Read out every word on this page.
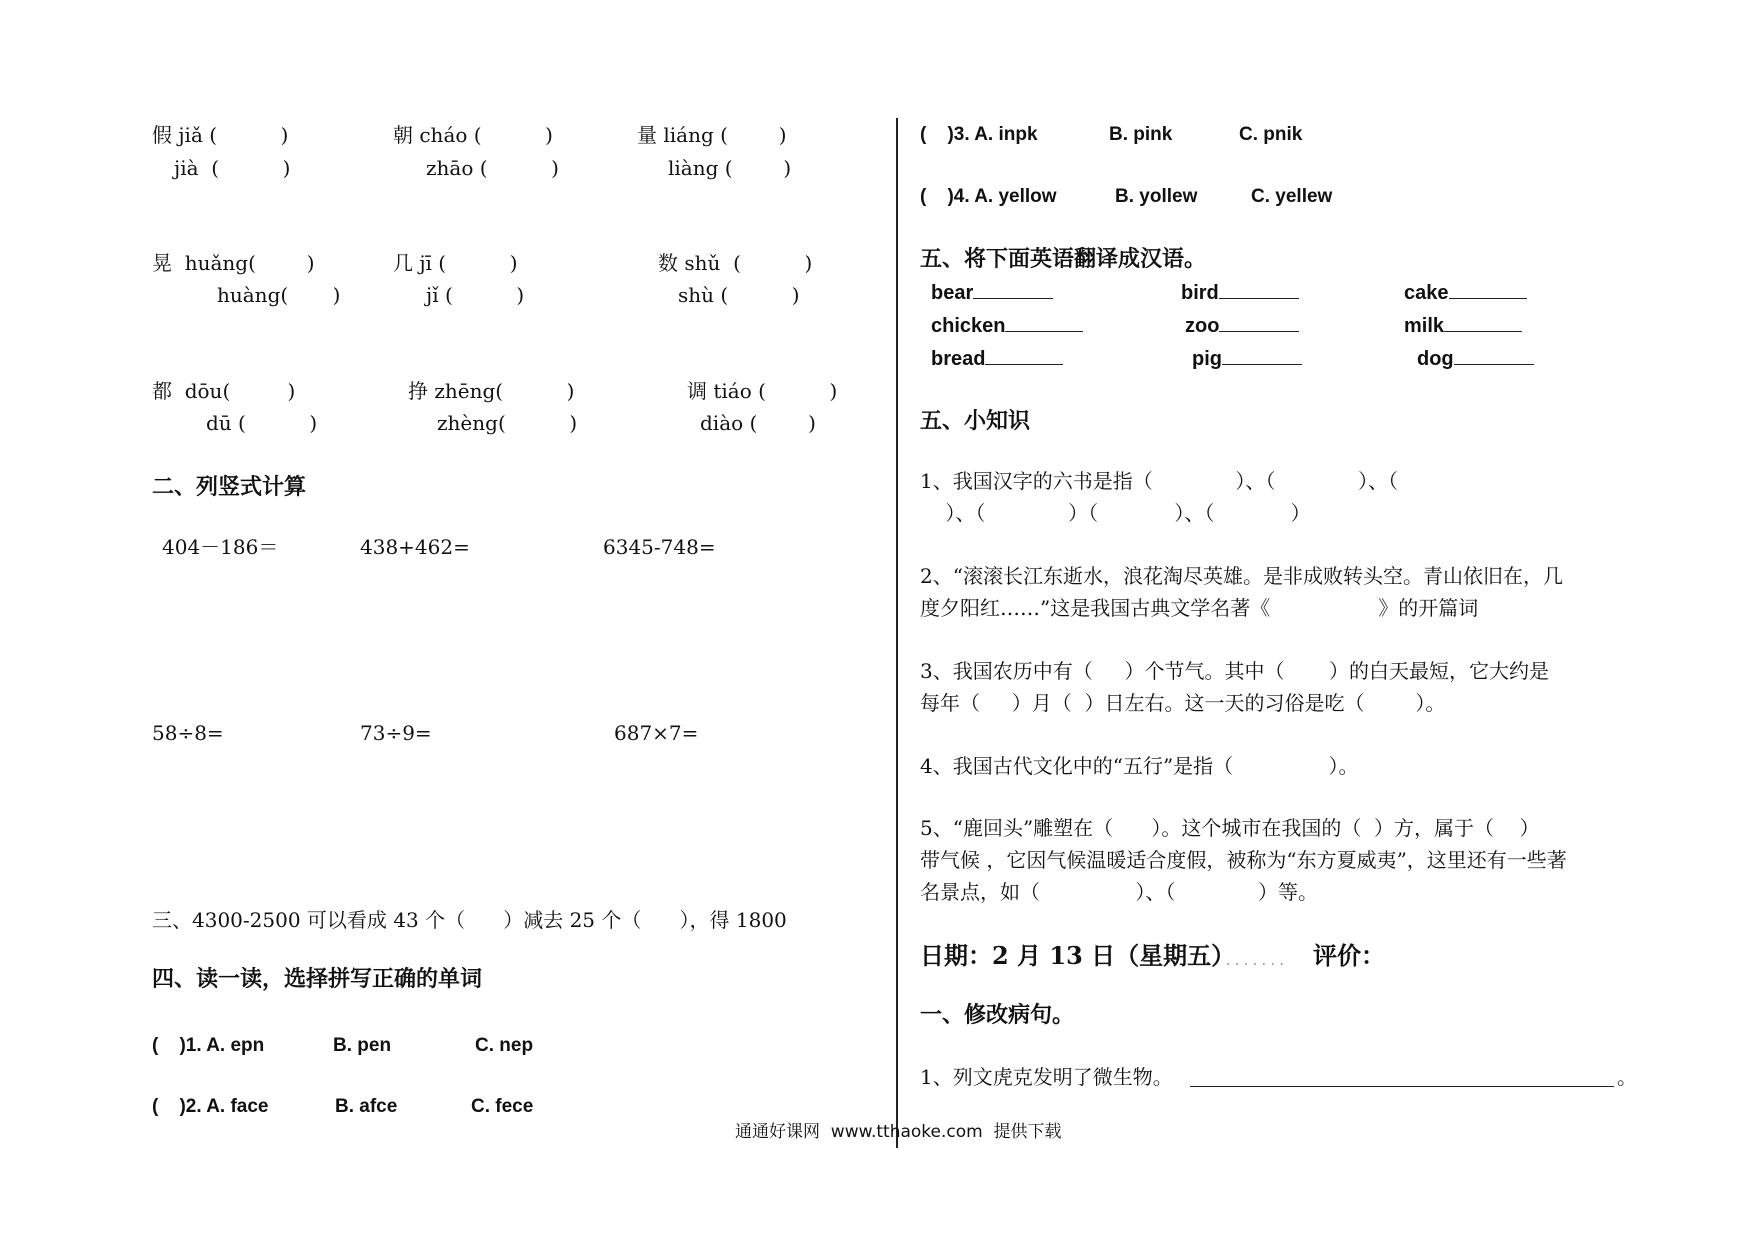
假 jiǎ (          )	朝 cháo (          )	量 liáng (        )
jià  (          )	zhāo (          )	liàng (        )
晃  huǎng(        )	几 jī (          )	数 shǔ  (          )
huàng(       )	jǐ (          )	shù (          )
都  dōu(         )	挣 zhēng(          )	调 tiáo (          )
dū (          )	zhèng(          )	diào (        )
二、列竖式计算
404－186＝	438+462=	6345-748=
58÷8=	73÷9=	687×7=
三、4300-2500 可以看成 43 个（      ）减去 25 个（      ），得 1800
四、读一读，选择拼写正确的单词
(    )1. A. epn	B. pen	C. nep
(    )2. A. face	B. afce	C. fece
(    )3. A. inpk	B. pink	C. pnik
(    )4. A. yellow	B. yollew	C. yellew
五、将下面英语翻译成汉语。
bear	bird	cake
chicken	zoo	milk
bread	pig	dog
五、小知识
1、我国汉字的六书是指（             ）、（             ）、（
）、（             ）（            ）、（            ）
2、“滚滚长江东逝水，浪花淘尽英雄。是非成败转头空。青山依旧在，几
度夕阳红……”这是我国古典文学名著《                 》的开篇词
3、我国农历中有（     ）个节气。其中（       ）的白天最短，它大约是
每年（     ）月（  ）日左右。这一天的习俗是吃（        ）。
4、我国古代文化中的“五行”是指（               ）。
5、“鹿回头”雕塑在（      ）。这个城市在我国的（  ）方，属于（    ）
带气候 ，它因气候温暖适合度假，被称为“东方夏威夷”，这里还有一些著
名景点，如（               ）、（             ）等。
日期：2 月 13 日（星期五）
. . . . . . . 评价：
一、修改病句。
1、列文虎克发明了微生物。	。
通通好课网  www.tthaoke.com  提供下载
